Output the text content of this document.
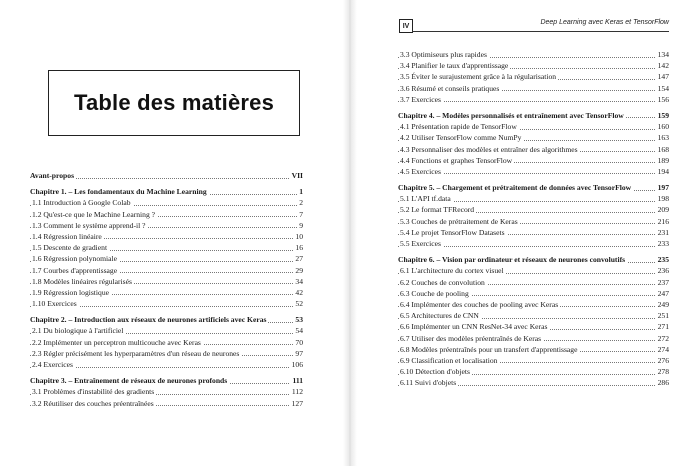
Table des matières
Avant-propos	VII
Chapitre 1. – Les fondamentaux du Machine Learning	1
1.1 Introduction à Google Colab	2
1.2 Qu'est-ce que le Machine Learning ?	7
1.3 Comment le système apprend-il ?	9
1.4 Régression linéaire	10
1.5 Descente de gradient	16
1.6 Régression polynomiale	27
1.7 Courbes d'apprentissage	29
1.8 Modèles linéaires régularisés	34
1.9 Régression logistique	42
1.10 Exercices	52
Chapitre 2. – Introduction aux réseaux de neurones artificiels avec Keras	53
2.1 Du biologique à l'artificiel	54
2.2 Implémenter un perceptron multicouche avec Keras	70
2.3 Régler précisément les hyperparamètres d'un réseau de neurones	97
2.4 Exercices	106
Chapitre 3. – Entraînement de réseaux de neurones profonds	111
3.1 Problèmes d'instabilité des gradients	112
3.2 Réutiliser des couches préentraînées	127
IV	Deep Learning avec Keras et TensorFlow
3.3 Optimiseurs plus rapides	134
3.4 Planifier le taux d'apprentissage	142
3.5 Éviter le surajustement grâce à la régularisation	147
3.6 Résumé et conseils pratiques	154
3.7 Exercices	156
Chapitre 4. – Modèles personnalisés et entraînement avec TensorFlow	159
4.1 Présentation rapide de TensorFlow	160
4.2 Utiliser TensorFlow comme NumPy	163
4.3 Personnaliser des modèles et entraîner des algorithmes	168
4.4 Fonctions et graphes TensorFlow	189
4.5 Exercices	194
Chapitre 5. – Chargement et prétraitement de données avec TensorFlow	197
5.1 L'API tf.data	198
5.2 Le format TFRecord	209
5.3 Couches de prétraitement de Keras	216
5.4 Le projet TensorFlow Datasets	231
5.5 Exercices	233
Chapitre 6. – Vision par ordinateur et réseaux de neurones convolutifs	235
6.1 L'architecture du cortex visuel	236
6.2 Couches de convolution	237
6.3 Couche de pooling	247
6.4 Implémenter des couches de pooling avec Keras	249
6.5 Architectures de CNN	251
6.6 Implémenter un CNN ResNet-34 avec Keras	271
6.7 Utiliser des modèles préentraînés de Keras	272
6.8 Modèles préentraînés pour un transfert d'apprentissage	274
6.9 Classification et localisation	276
6.10 Détection d'objets	278
6.11 Suivi d'objets	286
